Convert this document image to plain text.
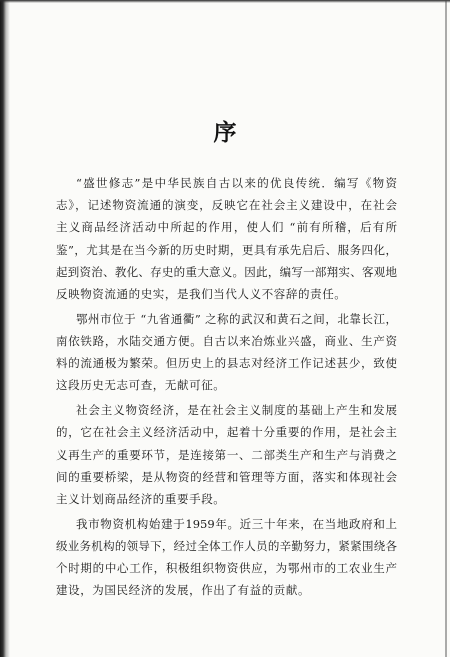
序
“盛世修志”是中华民族自古以来的优良传统．编写《物资
志》，记述物资流通的演变，反映它在社会主义建设中，在社会
主义商品经济活动中所起的作用，使人们 “前有所稽，后有所
鉴”，尤其是在当今新的历史时期，更具有承先启后、服务四化，
起到资治、教化、存史的重大意义。因此，编写一部翔实、客观地
反映物资流通的史实，是我们当代人义不容辞的责任。
鄂州市位于 “九省通衢” 之称的武汉和黄石之间，北靠长江，
南依铁路，水陆交通方便。自古以来冶炼业兴盛，商业、生产资
料的流通极为繁荣。但历史上的县志对经济工作记述甚少，致使
这段历史无志可查，无献可征。
社会主义物资经济，是在社会主义制度的基础上产生和发展
的，它在社会主义经济活动中，起着十分重要的作用，是社会主
义再生产的重要环节，是连接第一、二部类生产和生产与消费之
间的重要桥梁，是从物资的经营和管理等方面，落实和体现社会
主义计划商品经济的重要手段。
我市物资机构始建于1959年。近三十年来，在当地政府和上
级业务机构的领导下，经过全体工作人员的辛勤努力，紧紧围绕各
个时期的中心工作，积极组织物资供应，为鄂州市的工农业生产
建设，为国民经济的发展，作出了有益的贡献。
